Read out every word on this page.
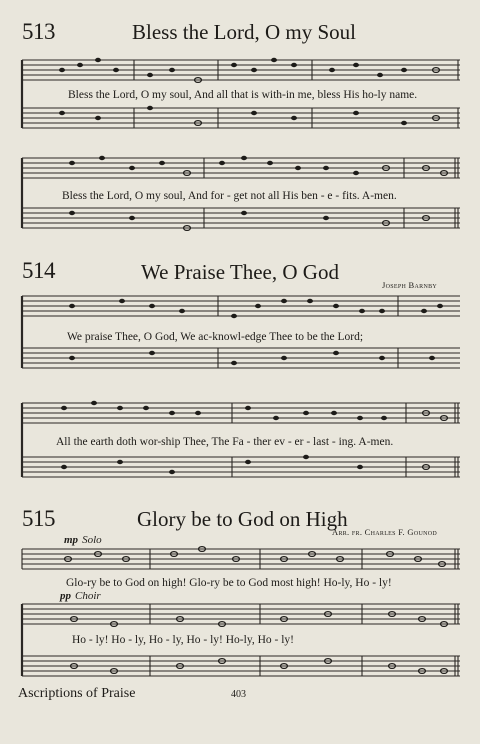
513	Bless the Lord, O my Soul
Bless the Lord, O my soul, And all that is with-in me, bless His ho-ly name.
Bless the Lord, O my soul, And for - get not all His ben - e - fits. A-men.
514	We Praise Thee, O God
Joseph Barnby
We praise Thee, O God, We ac-knowl-edge Thee to be the Lord;
All the earth doth wor-ship Thee, The Fa - ther ev - er - last - ing. A-men.
515	Glory be to God on High
Arr. fr. Charles F. Gounod
mp Solo
Glo-ry be to God on high! Glo-ry be to God most high! Ho-ly, Ho - ly!
pp Choir
Ho - ly! Ho - ly, Ho - ly, Ho - ly! Ho-ly, Ho - ly!
Ascriptions of Praise	403
